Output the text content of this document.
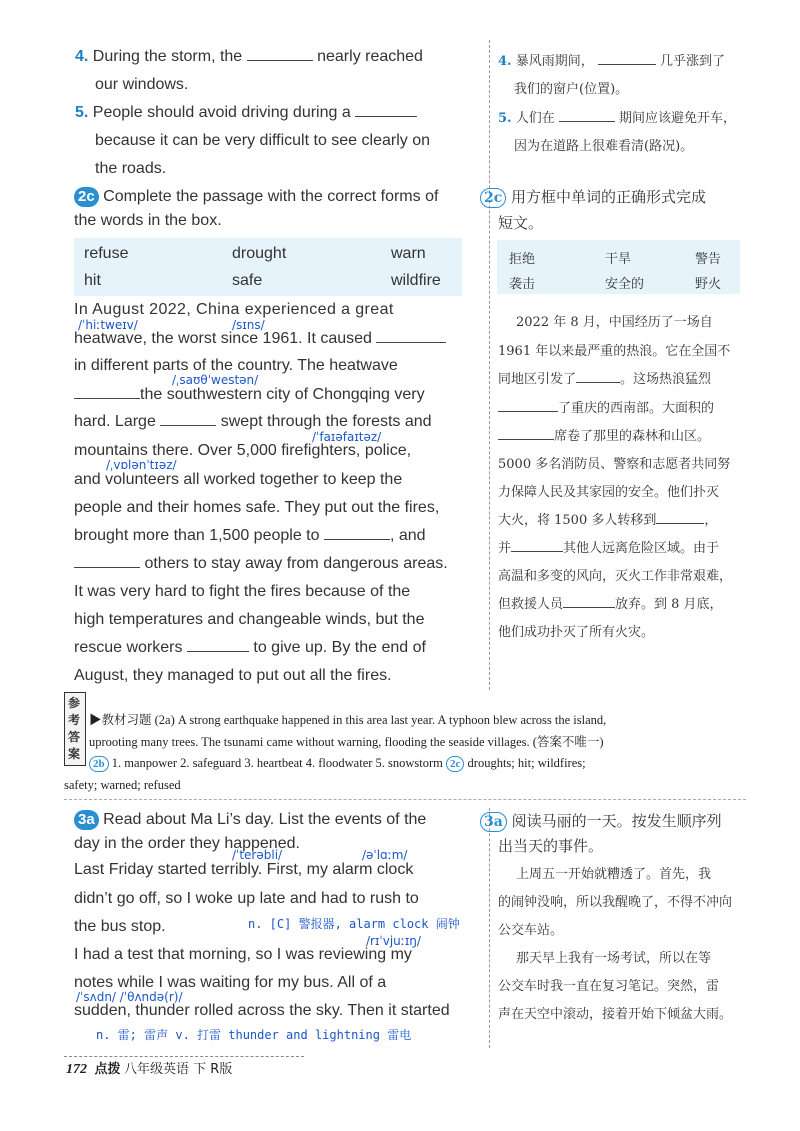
4. During the storm, the	nearly reached
our windows.
5. People should avoid driving during a
because it can be very difficult to see clearly on
the roads.
4. 暴风雨期间，	几乎涨到了
我们的窗户(位置)。
5. 人们在	期间应该避免开车，
因为在道路上很难看清(路况)。
2c Complete the passage with the correct forms of
the words in the box.
refuse	drought	warn
hit	safe	wildfire
In August 2022, China experienced a great
/ˈhiːtweɪv/	/sɪns/
heatwave, the worst since 1961. It caused
in different parts of the country. The heatwave
/ˌsaʊθˈwestən/
the southwestern city of Chongqing very
hard. Large	swept through the forests and
/ˈfaɪəfaɪtəz/
mountains there. Over 5,000 firefighters, police,
/ˌvɒlənˈtɪəz/
and volunteers all worked together to keep the
people and their homes safe. They put out the fires,
brought more than 1,500 people to	, and
others to stay away from dangerous areas.
It was very hard to fight the fires because of the
high temperatures and changeable winds, but the
rescue workers	to give up. By the end of
August, they managed to put out all the fires.
2c 用方框中单词的正确形式完成
短文。
拒绝	干旱	警告
袭击	安全的	野火
2022 年 8 月，中国经历了一场自
1961 年以来最严重的热浪。它在全国不
同地区引发了	。这场热浪猛烈
了重庆的西南部。大面积的
席卷了那里的森林和山区。
5000 多名消防员、警察和志愿者共同努
力保障人民及其家园的安全。他们扑灭
大火，将 1500 多人转移到	，
并	其他人远离危险区域。由于
高温和多变的风向，灭火工作非常艰难，
但救援人员	放弃。到 8 月底，
他们成功扑灭了所有火灾。
参考答案
▶教材习题 (2a) A strong earthquake happened in this area last year. A typhoon blew across the island,
uprooting many trees. The tsunami came without warning, flooding the seaside villages. (答案不唯一)
2b 1. manpower 2. safeguard 3. heartbeat 4. floodwater 5. snowstorm 2c droughts; hit; wildfires;
safety; warned; refused
3a Read about Ma Li’s day. List the events of the
day in the order they happened.
/ˈterəbli/	/əˈlɑːm/
Last Friday started terribly. First, my alarm clock
didn’t go off, so I woke up late and had to rush to
the bus stop.	n. [C] 警报器, alarm clock 闹钟
/rɪˈvjuːɪŋ/
I had a test that morning, so I was reviewing my
notes while I was waiting for my bus. All of a
/ˈsʌdn/ /ˈθʌndə(r)/
sudden, thunder rolled across the sky. Then it started
n. 雷; 雷声 v. 打雷 thunder and lightning 雷电
3a 阅读马丽的一天。按发生顺序列
出当天的事件。
上周五一开始就糟透了。首先，我
的闹钟没响，所以我醒晚了，不得不冲向
公交车站。
那天早上我有一场考试，所以在等
公交车时我一直在复习笔记。突然，雷
声在天空中滚动，接着开始下倾盆大雨。
172 点拨 八年级英语 下 R版
